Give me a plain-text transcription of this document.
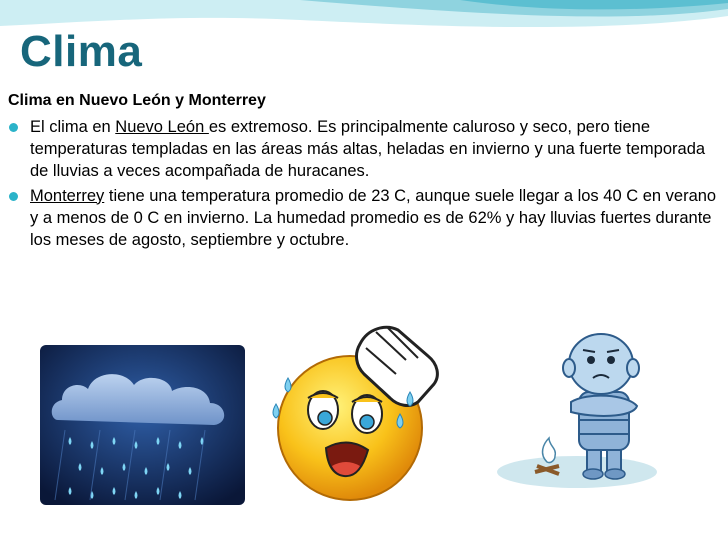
Clima

Clima en Nuevo León y Monterrey

El clima en Nuevo León es extremoso. Es principalmente caluroso y seco, pero tiene temperaturas templadas en las áreas más altas, heladas en invierno y una fuerte temporada de lluvias a veces acompañada de huracanes.
Monterrey tiene una temperatura promedio de 23 C, aunque suele llegar a los 40 C en verano y a menos de 0 C en invierno. La humedad promedio es de 62% y hay lluvias fuertes durante los meses de agosto, septiembre y octubre.
